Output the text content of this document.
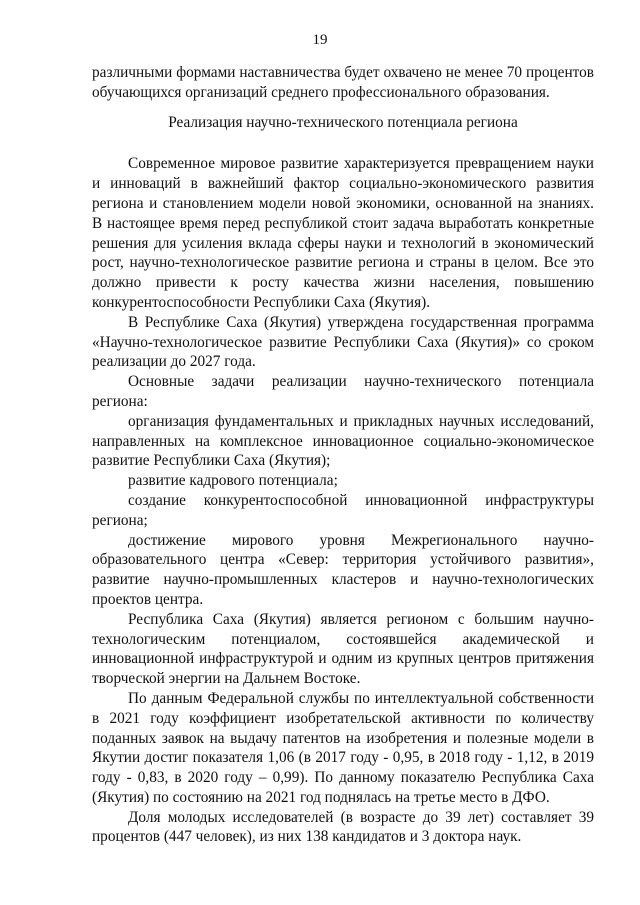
19

различными формами наставничества будет охвачено не менее 70 процентов обучающихся организаций среднего профессионального образования.

Реализация научно-технического потенциала региона

Современное мировое развитие характеризуется превращением науки и инноваций в важнейший фактор социально-экономического развития региона и становлением модели новой экономики, основанной на знаниях. В настоящее время перед республикой стоит задача выработать конкретные решения для усиления вклада сферы науки и технологий в экономический рост, научно-технологическое развитие региона и страны в целом. Все это должно привести к росту качества жизни населения, повышению конкурентоспособности Республики Саха (Якутия).

В Республике Саха (Якутия) утверждена государственная программа «Научно-технологическое развитие Республики Саха (Якутия)» со сроком реализации до 2027 года.

Основные задачи реализации научно-технического потенциала региона:

организация фундаментальных и прикладных научных исследований, направленных на комплексное инновационное социально-экономическое развитие Республики Саха (Якутия);

развитие кадрового потенциала;

создание конкурентоспособной инновационной инфраструктуры региона;

достижение мирового уровня Межрегионального научно-образовательного центра «Север: территория устойчивого развития», развитие научно-промышленных кластеров и научно-технологических проектов центра.

Республика Саха (Якутия) является регионом с большим научно-технологическим потенциалом, состоявшейся академической и инновационной инфраструктурой и одним из крупных центров притяжения творческой энергии на Дальнем Востоке.

По данным Федеральной службы по интеллектуальной собственности в 2021 году коэффициент изобретательской активности по количеству поданных заявок на выдачу патентов на изобретения и полезные модели в Якутии достиг показателя 1,06 (в 2017 году - 0,95, в 2018 году - 1,12, в 2019 году - 0,83, в 2020 году – 0,99). По данному показателю Республика Саха (Якутия) по состоянию на 2021 год поднялась на третье место в ДФО.

Доля молодых исследователей (в возрасте до 39 лет) составляет 39 процентов (447 человек), из них 138 кандидатов и 3 доктора наук.
